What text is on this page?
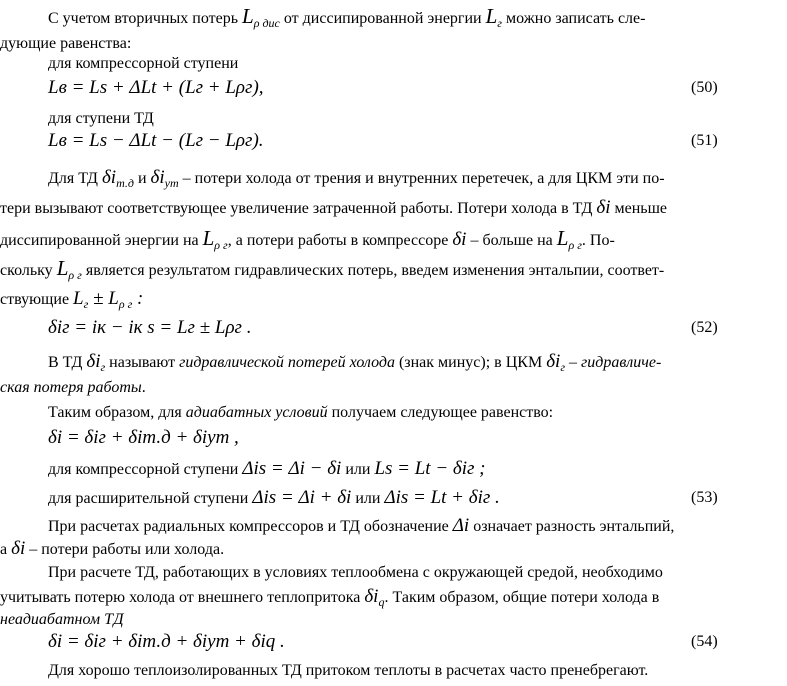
С учетом вторичных потерь $L_{\rho дис}$ от диссипированной энергии $L_г$ можно записать сле-
дующие равенства:
для компрессорной ступени
Lв = Ls + ΔLt + (Lг + Lρг),	(50)
для ступени ТД
Lв = Ls − ΔLt − (Lг − Lρг).	(51)
Для ТД $\delta i_{т.д}$ и $\delta i_{ут}$ – потери холода от трения и внутренних перетечек, а для ЦКМ эти по-
тери вызывают соответствующее увеличение затраченной работы. Потери холода в ТД δi меньше
диссипированной энергии на $L_{\rho г}$, а потери работы в компрессоре δi – больше на $L_{\rho г}$. По-
скольку $L_{\rho г}$ является результатом гидравлических потерь, введем изменения энтальпии, соответ-
ствующие $L_г \pm L_{\rho г}$ :
δiг = iк − iк s = Lг ± Lρг .	(52)
В ТД $\delta i_г$ называют гидравлической потерей холода (знак минус); в ЦКМ $\delta i_г$ – гидравличе-
ская потеря работы.
Таким образом, для адиабатных условий получаем следующее равенство:
δi = δiг + δiт.д + δiут ,
для компрессорной ступени Δis = Δi − δi или Ls = Lt − δiг ;
для расширительной ступени Δis = Δi + δi или Δis = Lt + δiг .	(53)
При расчетах радиальных компрессоров и ТД обозначение Δi означает разность энтальпий,
а δi – потери работы или холода.
При расчете ТД, работающих в условиях теплообмена с окружающей средой, необходимо
учитывать потерю холода от внешнего теплопритока $\delta i_q$. Таким образом, общие потери холода в
неадиабатном ТД
δi = δiг + δiт.д + δiут + δiq .	(54)
Для хорошо теплоизолированных ТД притоком теплоты в расчетах часто пренебрегают.
